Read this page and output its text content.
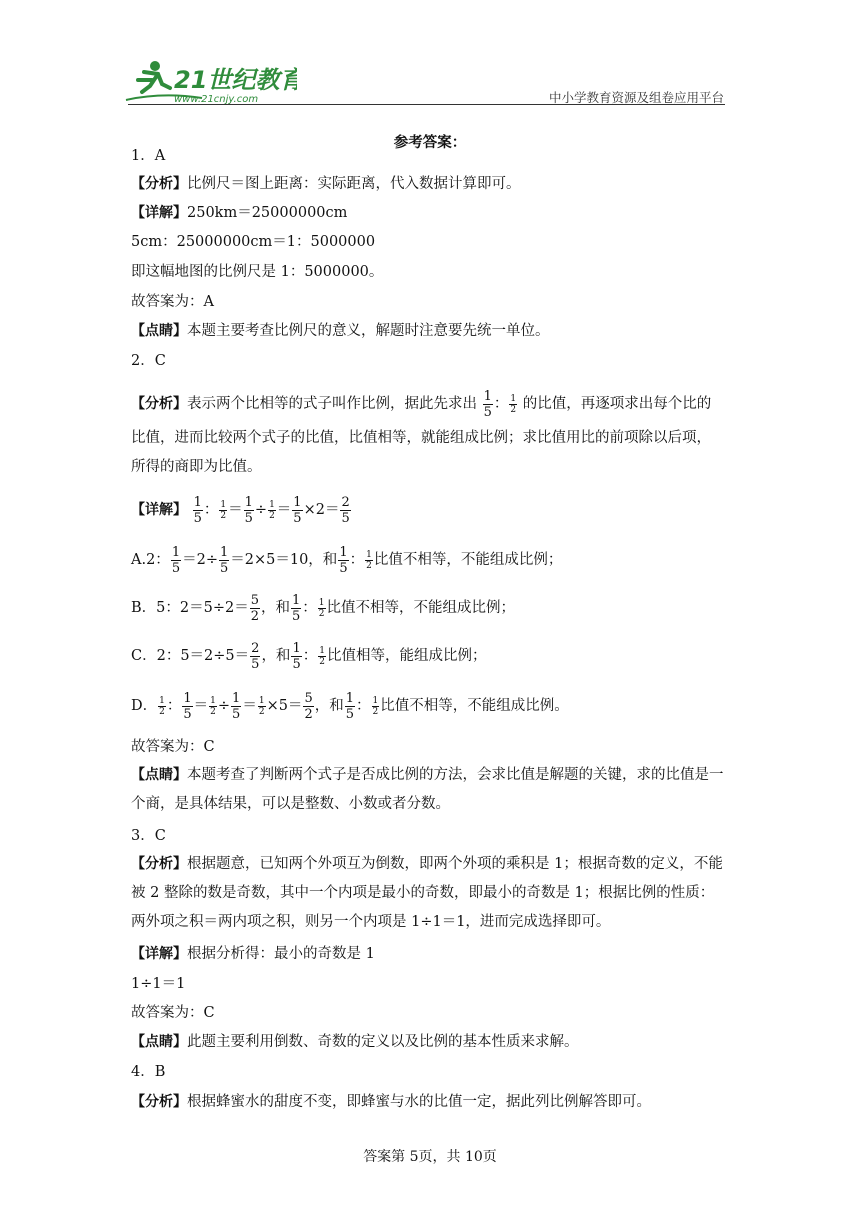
21世纪教育
www.21cnjy.com	中小学教育资源及组卷应用平台
参考答案：
1．A
【分析】比例尺＝图上距离：实际距离，代入数据计算即可。
【详解】250km＝25000000cm
5cm：25000000cm＝1：5000000
即这幅地图的比例尺是 1：5000000。
故答案为：A
【点睛】本题主要考查比例尺的意义，解题时注意要先统一单位。
2．C
【分析】表示两个比相等的式子叫作比例，据此先求出 $\frac{1}{5}$ ： $\frac{1}{2}$ 的比值，再逐项求出每个比的
比值，进而比较两个式子的比值，比值相等，就能组成比例；求比值用比的前项除以后项，
所得的商即为比值。
【详解】 $\frac{1}{5}$ ： $\frac{1}{2} = \frac{1}{5} \div \frac{1}{2} = \frac{1}{5} \times 2= \frac{2}{5}$
A.2： $\frac{1}{5} =2\div \frac{1}{5} =2\times 5=10$，和 $\frac{1}{5}$ ： $\frac{1}{2}$ 比值不相等，不能组成比例；
B．5：$2=5\div 2= \frac{5}{2}$ ，和 $\frac{1}{5}$ ： $\frac{1}{2}$ 比值不相等，不能组成比例；
C．2：$5=2\div 5= \frac{2}{5}$ ，和 $\frac{1}{5}$ ： $\frac{1}{2}$ 比值相等，能组成比例；
D． $\frac{1}{2}$ ： $\frac{1}{5} = \frac{1}{2} \div \frac{1}{5} = \frac{1}{2} \times 5= \frac{5}{2}$ ，和 $\frac{1}{5}$ ： $\frac{1}{2}$ 比值不相等，不能组成比例。
故答案为：C
【点睛】本题考查了判断两个式子是否成比例的方法，会求比值是解题的关键，求的比值是一个商，是具体结果，可以是整数、小数或者分数。
3．C
【分析】根据题意，已知两个外项互为倒数，即两个外项的乘积是 1；根据奇数的定义，不能被 2 整除的数是奇数，其中一个内项是最小的奇数，即最小的奇数是 1；根据比例的性质：两外项之积＝两内项之积，则另一个内项是 1÷1＝1，进而完成选择即可。
【详解】根据分析得：最小的奇数是 1
1÷1＝1
故答案为：C
【点睛】此题主要利用倒数、奇数的定义以及比例的基本性质来求解。
4．B
【分析】根据蜂蜜水的甜度不变，即蜂蜜与水的比值一定，据此列比例解答即可。
答案第 5页，共 10页
